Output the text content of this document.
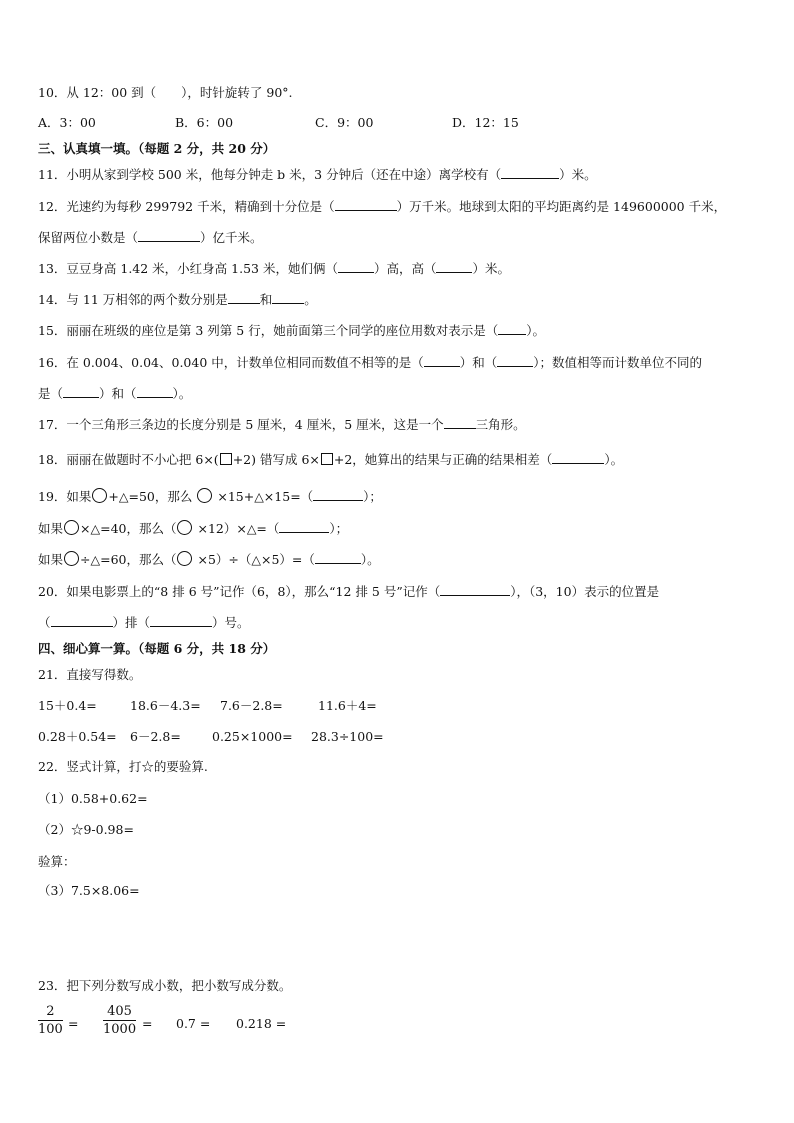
10．从 12：00 到（　　），时针旋转了 90°.
A．3：00	B．6：00	C．9：00	D．12：15
三、认真填一填。（每题 2 分，共 20 分）
11．小明从家到学校 500 米，他每分钟走 b 米，3 分钟后（还在中途）离学校有（	）米。
12．光速约为每秒 299792 千米，精确到十分位是（	）万千米。地球到太阳的平均距离约是 149600000 千米，
保留两位小数是（	）亿千米。
13．豆豆身高 1.42 米，小红身高 1.53 米，她们俩（	）高，高（	）米。
14．与 11 万相邻的两个数分别是	和	。
15．丽丽在班级的座位是第 3 列第 5 行，她前面第三个同学的座位用数对表示是（ ）。
16．在 0.004、0.04、0.040 中，计数单位相同而数值不相等的是（	）和（	）；数值相等而计数单位不同的
是（	）和（	）。
17．一个三角形三条边的长度分别是 5 厘米，4 厘米，5 厘米，这是一个	三角形。
18．丽丽在做题时不小心把 6×( +2) 错写成 6× +2，她算出的结果与正确的结果相差（	）。
19．如果 +△=50，那么 ×15+△×15=（	）；
如果 ×△=40，那么（ ×12）×△=（	）；
如果 ÷△=60，那么（ ×5）÷（△×5）=（	）。
20．如果电影票上的“8 排 6 号”记作（6，8），那么“12 排 5 号”记作（	），（3，10）表示的位置是
（	）排（	）号。
四、细心算一算。（每题 6 分，共 18 分）
21．直接写得数。
15＋0.4=	18.6－4.3= 7.6－2.8=	11.6＋4=
0.28＋0.54= 6－2.8= 0.25×1000= 28.3÷100=
22．竖式计算，打☆的要验算.
（1）0.58+0.62=
（2）☆9-0.98=
验算：
（3）7.5×8.06=
23．把下列分数写成小数，把小数写成分数。
$\frac{2}{100} = \frac{405}{1000} = 0.7 = 0.218$ =
